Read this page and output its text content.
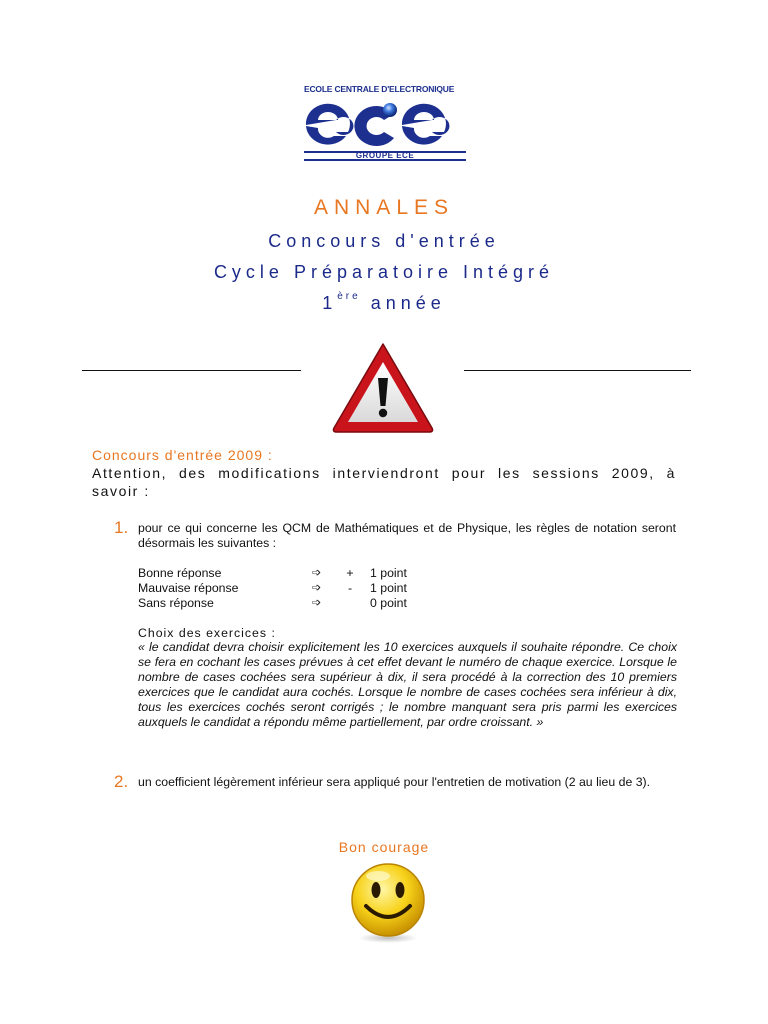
ECOLE CENTRALE D'ELECTRONIQUE
GROUPE ECE
ANNALES
Concours d'entrée
Cycle Préparatoire Intégré
1ère année
Concours d'entrée 2009 :
Attention, des modifications interviendront pour les sessions 2009, à savoir :
1. pour ce qui concerne les QCM de Mathématiques et de Physique, les règles de notation seront désormais les suivantes :
Bonne réponse	➩ + 1 point
Mauvaise réponse	➩ - 1 point
Sans réponse	➩	0 point
Choix des exercices :
« le candidat devra choisir explicitement les 10 exercices auxquels il souhaite répondre. Ce choix se fera en cochant les cases prévues à cet effet devant le numéro de chaque exercice. Lorsque le nombre de cases cochées sera supérieur à dix, il sera procédé à la correction des 10 premiers exercices que le candidat aura cochés. Lorsque le nombre de cases cochées sera inférieur à dix, tous les exercices cochés seront corrigés ; le nombre manquant sera pris parmi les exercices auxquels le candidat a répondu même partiellement, par ordre croissant. »
2. un coefficient légèrement inférieur sera appliqué pour l'entretien de motivation (2 au lieu de 3).
Bon courage
